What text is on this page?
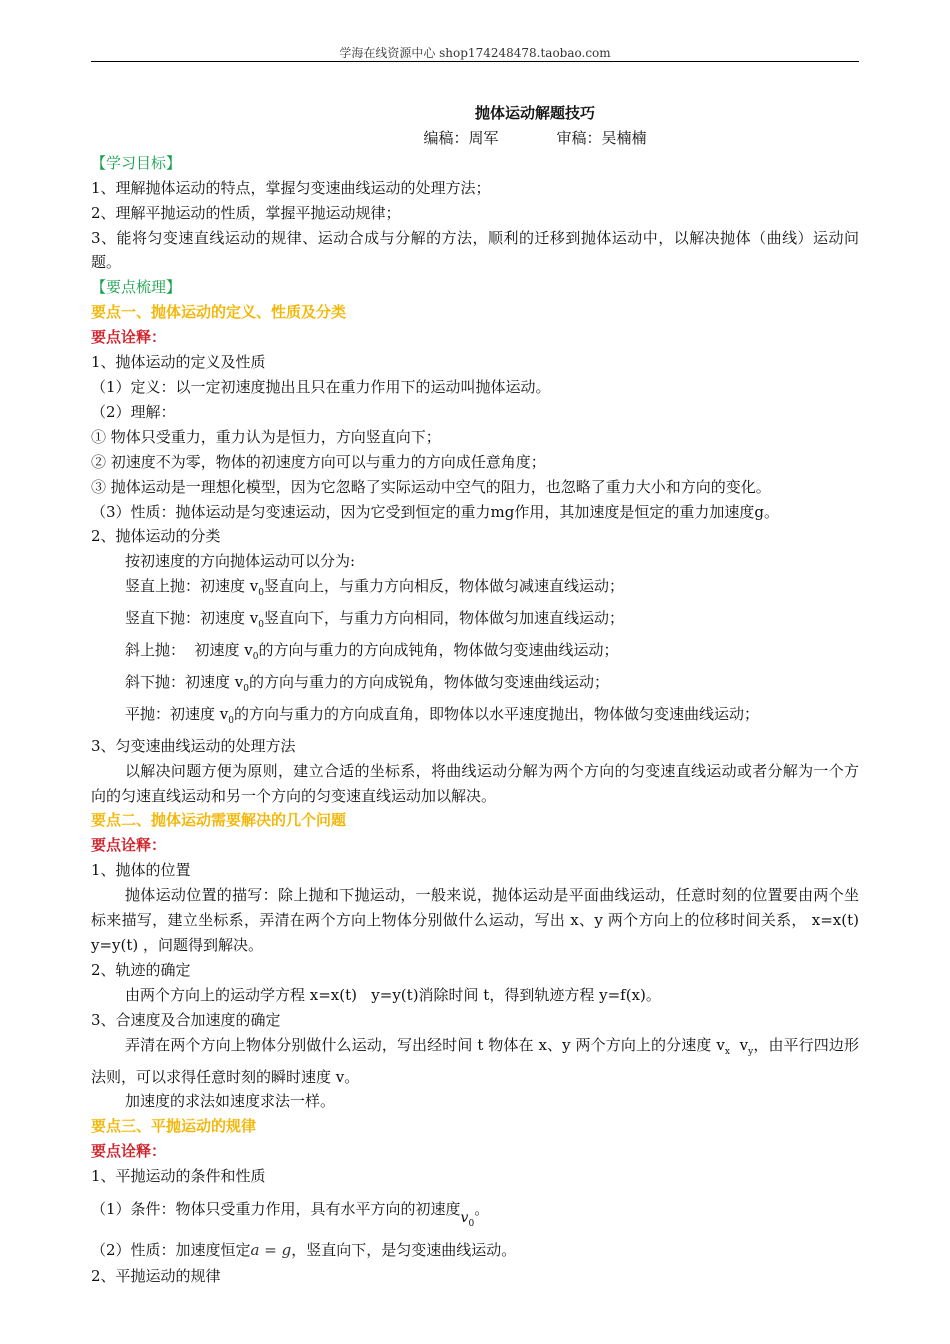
学海在线资源中心 shop174248478.taobao.com
抛体运动解题技巧
编稿：周军	审稿：吴楠楠
【学习目标】
1、理解抛体运动的特点，掌握匀变速曲线运动的处理方法；
2、理解平抛运动的性质，掌握平抛运动规律；
3、能将匀变速直线运动的规律、运动合成与分解的方法，顺利的迁移到抛体运动中，以解决抛体（曲线）运动问题。
【要点梳理】
要点一、抛体运动的定义、性质及分类
要点诠释：
1、抛体运动的定义及性质
（1）定义：以一定初速度抛出且只在重力作用下的运动叫抛体运动。
（2）理解：
① 物体只受重力，重力认为是恒力，方向竖直向下；
② 初速度不为零，物体的初速度方向可以与重力的方向成任意角度；
③ 抛体运动是一理想化模型，因为它忽略了实际运动中空气的阻力，也忽略了重力大小和方向的变化。
（3）性质：抛体运动是匀变速运动，因为它受到恒定的重力mg作用，其加速度是恒定的重力加速度g。
2、抛体运动的分类
按初速度的方向抛体运动可以分为:
竖直上抛：初速度 $v_0$竖直向上，与重力方向相反，物体做匀减速直线运动；
竖直下抛：初速度 $v_0$竖直向下，与重力方向相同，物体做匀加速直线运动；
斜上抛：  初速度 $v_0$的方向与重力的方向成钝角，物体做匀变速曲线运动；
斜下抛：初速度 $v_0$的方向与重力的方向成锐角，物体做匀变速曲线运动；
平抛：初速度 $v_0$的方向与重力的方向成直角，即物体以水平速度抛出，物体做匀变速曲线运动；
3、匀变速曲线运动的处理方法
以解决问题方便为原则，建立合适的坐标系，将曲线运动分解为两个方向的匀变速直线运动或者分解为一个方向的匀速直线运动和另一个方向的匀变速直线运动加以解决。
要点二、抛体运动需要解决的几个问题
要点诠释：
1、抛体的位置
抛体运动位置的描写：除上抛和下抛运动，一般来说，抛体运动是平面曲线运动，任意时刻的位置要由两个坐标来描写，建立坐标系，弄清在两个方向上物体分别做什么运动，写出 x、y 两个方向上的位移时间关系， x=x(t)   y=y(t) ，问题得到解决。
2、轨迹的确定
由两个方向上的运动学方程 x=x(t)   y=y(t)消除时间 t，得到轨迹方程 y=f(x)。
3、合速度及合加速度的确定
弄清在两个方向上物体分别做什么运动，写出经时间 t 物体在 x、y 两个方向上的分速度 $v_x$  $v_y$，由平行四边形法则，可以求得任意时刻的瞬时速度 v。
加速度的求法如速度求法一样。
要点三、平抛运动的规律
要点诠释：
1、平抛运动的条件和性质
（1）条件：物体只受重力作用，具有水平方向的初速度$v_0$。
（2）性质：加速度恒定a = g，竖直向下，是匀变速曲线运动。
2、平抛运动的规律
